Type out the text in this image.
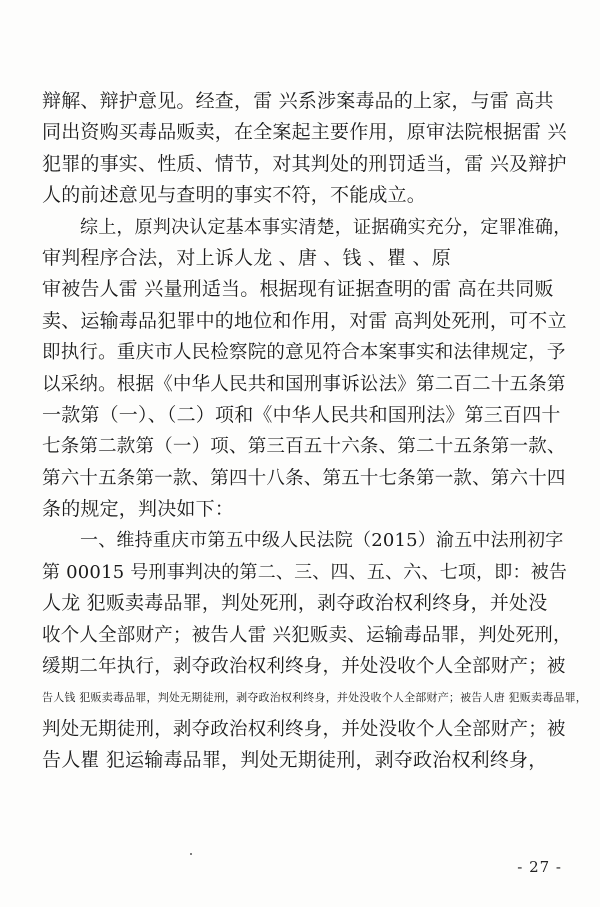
辩解、辩护意见。经查，雷 兴系涉案毒品的上家，与雷 高共
同出资购买毒品贩卖，在全案起主要作用，原审法院根据雷 兴
犯罪的事实、性质、情节，对其判处的刑罚适当，雷 兴及辩护
人的前述意见与查明的事实不符，不能成立。
综上，原判决认定基本事实清楚，证据确实充分，定罪准确，
审判程序合法，对上诉人龙 、唐 、钱 、瞿 、原
审被告人雷 兴量刑适当。根据现有证据查明的雷 高在共同贩
卖、运输毒品犯罪中的地位和作用，对雷 高判处死刑，可不立
即执行。重庆市人民检察院的意见符合本案事实和法律规定，予
以采纳。根据《中华人民共和国刑事诉讼法》第二百二十五条第
一款第（一）、（二）项和《中华人民共和国刑法》第三百四十
七条第二款第（一）项、第三百五十六条、第二十五条第一款、
第六十五条第一款、第四十八条、第五十七条第一款、第六十四
条的规定，判决如下：
一、维持重庆市第五中级人民法院（2015）渝五中法刑初字
第 00015 号刑事判决的第二、三、四、五、六、七项，即：被告
人龙 犯贩卖毒品罪，判处死刑，剥夺政治权利终身，并处没
收个人全部财产；被告人雷 兴犯贩卖、运输毒品罪，判处死刑，
缓期二年执行，剥夺政治权利终身，并处没收个人全部财产；被
告人钱 犯贩卖毒品罪，判处无期徒刑，剥夺政治权利终身，并处没收个人全部财产；被告人唐 犯贩卖毒品罪，
判处无期徒刑，剥夺政治权利终身，并处没收个人全部财产；被
告人瞿 犯运输毒品罪，判处无期徒刑，剥夺政治权利终身，
- 27 -
